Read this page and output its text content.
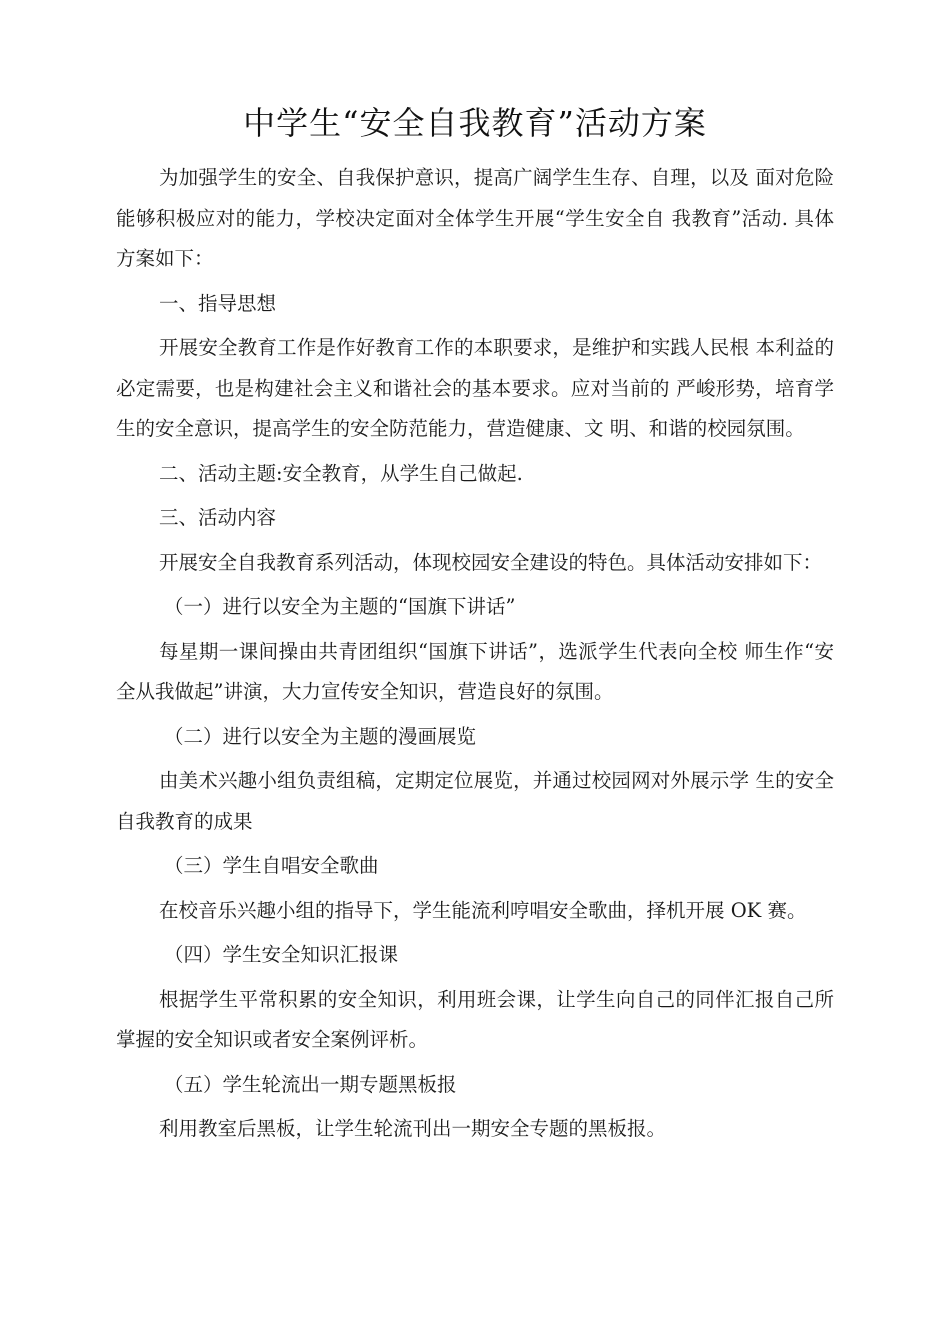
中学生“安全自我教育”活动方案

为加强学生的安全、自我保护意识，提高广阔学生生存、自理，以及 面对危险能够积极应对的能力，学校决定面对全体学生开展“学生安全自 我教育”活动. 具体方案如下：

一、指导思想

开展安全教育工作是作好教育工作的本职要求，是维护和实践人民根 本利益的必定需要，也是构建社会主义和谐社会的基本要求。应对当前的 严峻形势，培育学生的安全意识，提高学生的安全防范能力，营造健康、文 明、和谐的校园氛围。

二、活动主题:安全教育，从学生自己做起.

三、活动内容

开展安全自我教育系列活动，体现校园安全建设的特色。具体活动安排如下：

（一）进行以安全为主题的“国旗下讲话”

每星期一课间操由共青团组织“国旗下讲话”，选派学生代表向全校 师生作“安全从我做起”讲演，大力宣传安全知识，营造良好的氛围。

（二）进行以安全为主题的漫画展览

由美术兴趣小组负责组稿，定期定位展览，并通过校园网对外展示学 生的安全自我教育的成果

（三）学生自唱安全歌曲

在校音乐兴趣小组的指导下，学生能流利哼唱安全歌曲，择机开展 OK 赛。

（四）学生安全知识汇报课

根据学生平常积累的安全知识，利用班会课，让学生向自己的同伴汇报自己所掌握的安全知识或者安全案例评析。

（五）学生轮流出一期专题黑板报

利用教室后黑板，让学生轮流刊出一期安全专题的黑板报。
